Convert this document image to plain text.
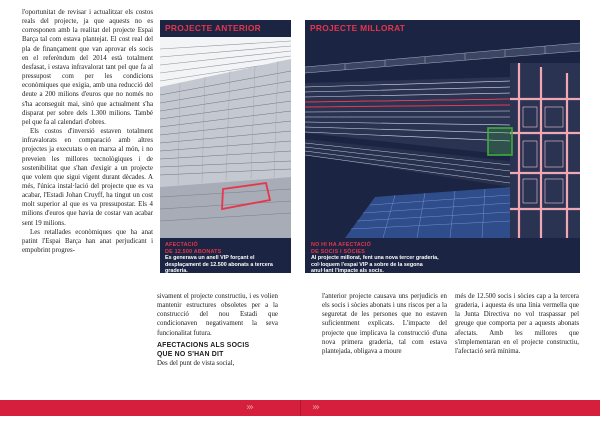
l'oportunitat de revisar i actualitzar els costos reals del projecte, ja que aquests no es corresponen amb la realitat del projecte Espai Barça tal com estava plantejat. El cost real del pla de finançament que van aprovar els socis en el referèndum del 2014 està totalment desfasat, i estava infravalorat tant pel que fa al pressupost com per les condicions econòmiques que exigia, amb una reducció del deute a 200 milions d'euros que no només no s'ha aconseguit mai, sinó que actualment s'ha disparat per sobre dels 1.300 milions. També pel que fa al calendari d'obres.

Els costos d'inversió estaven totalment infravalorats en comparació amb altres projectes ja executats o en marxa al món, i no preveien les millores tecnològiques i de sostenibilitat que s'han d'exigir a un projecte que volem que sigui vigent durant dècades. A més, l'única instal·lació del projecte que es va acabar, l'Estadi Johan Cruyff, ha tingut un cost molt superior al que es va pressupostar. Els 4 milions d'euros que havia de costar van acabar sent 19 milions.

Les retallades econòmiques que ha anat patint l'Espai Barça han anat perjudicant i empobrint progres-

PROJECTE ANTERIOR
AFECTACIÓ
DE 12.500 ABONATS
Es generava un anell VIP forçant el desplaçament de 12.500 abonats a tercera graderia.
PROJECTE MILLORAT
NO HI HA AFECTACIÓ
DE SOCIS I SÒCIES
Al projecte millorat, fent una nova tercer graderia, col·loquem l'espai VIP a sobre de la segona anul·lant l'impacte als socis.

sivament el projecte constructiu, i es volien mantenir estructures obsoletes per a la construcció del nou Estadi que condicionaven negativament la seva funcionalitat futura.

AFECTACIONS ALS SOCIS
QUE NO S'HAN DIT

Des del punt de vista social,

l'anterior projecte causava uns perjudicis en els socis i sòcies abonats i uns riscos per a la seguretat de les persones que no estaven suficientment explicats. L'impacte del projecte que implicava la construcció d'una nova primera graderia, tal com estava plantejada, obligava a moure

més de 12.500 socis i sòcies cap a la tercera graderia, i aquesta és una línia vermella que la Junta Directiva no vol traspassar pel greuge que comporta per a aquests abonats afectats. Amb les millores que s'implementaran en el projecte constructiu, l'afectació serà mínima.

›››	›››
